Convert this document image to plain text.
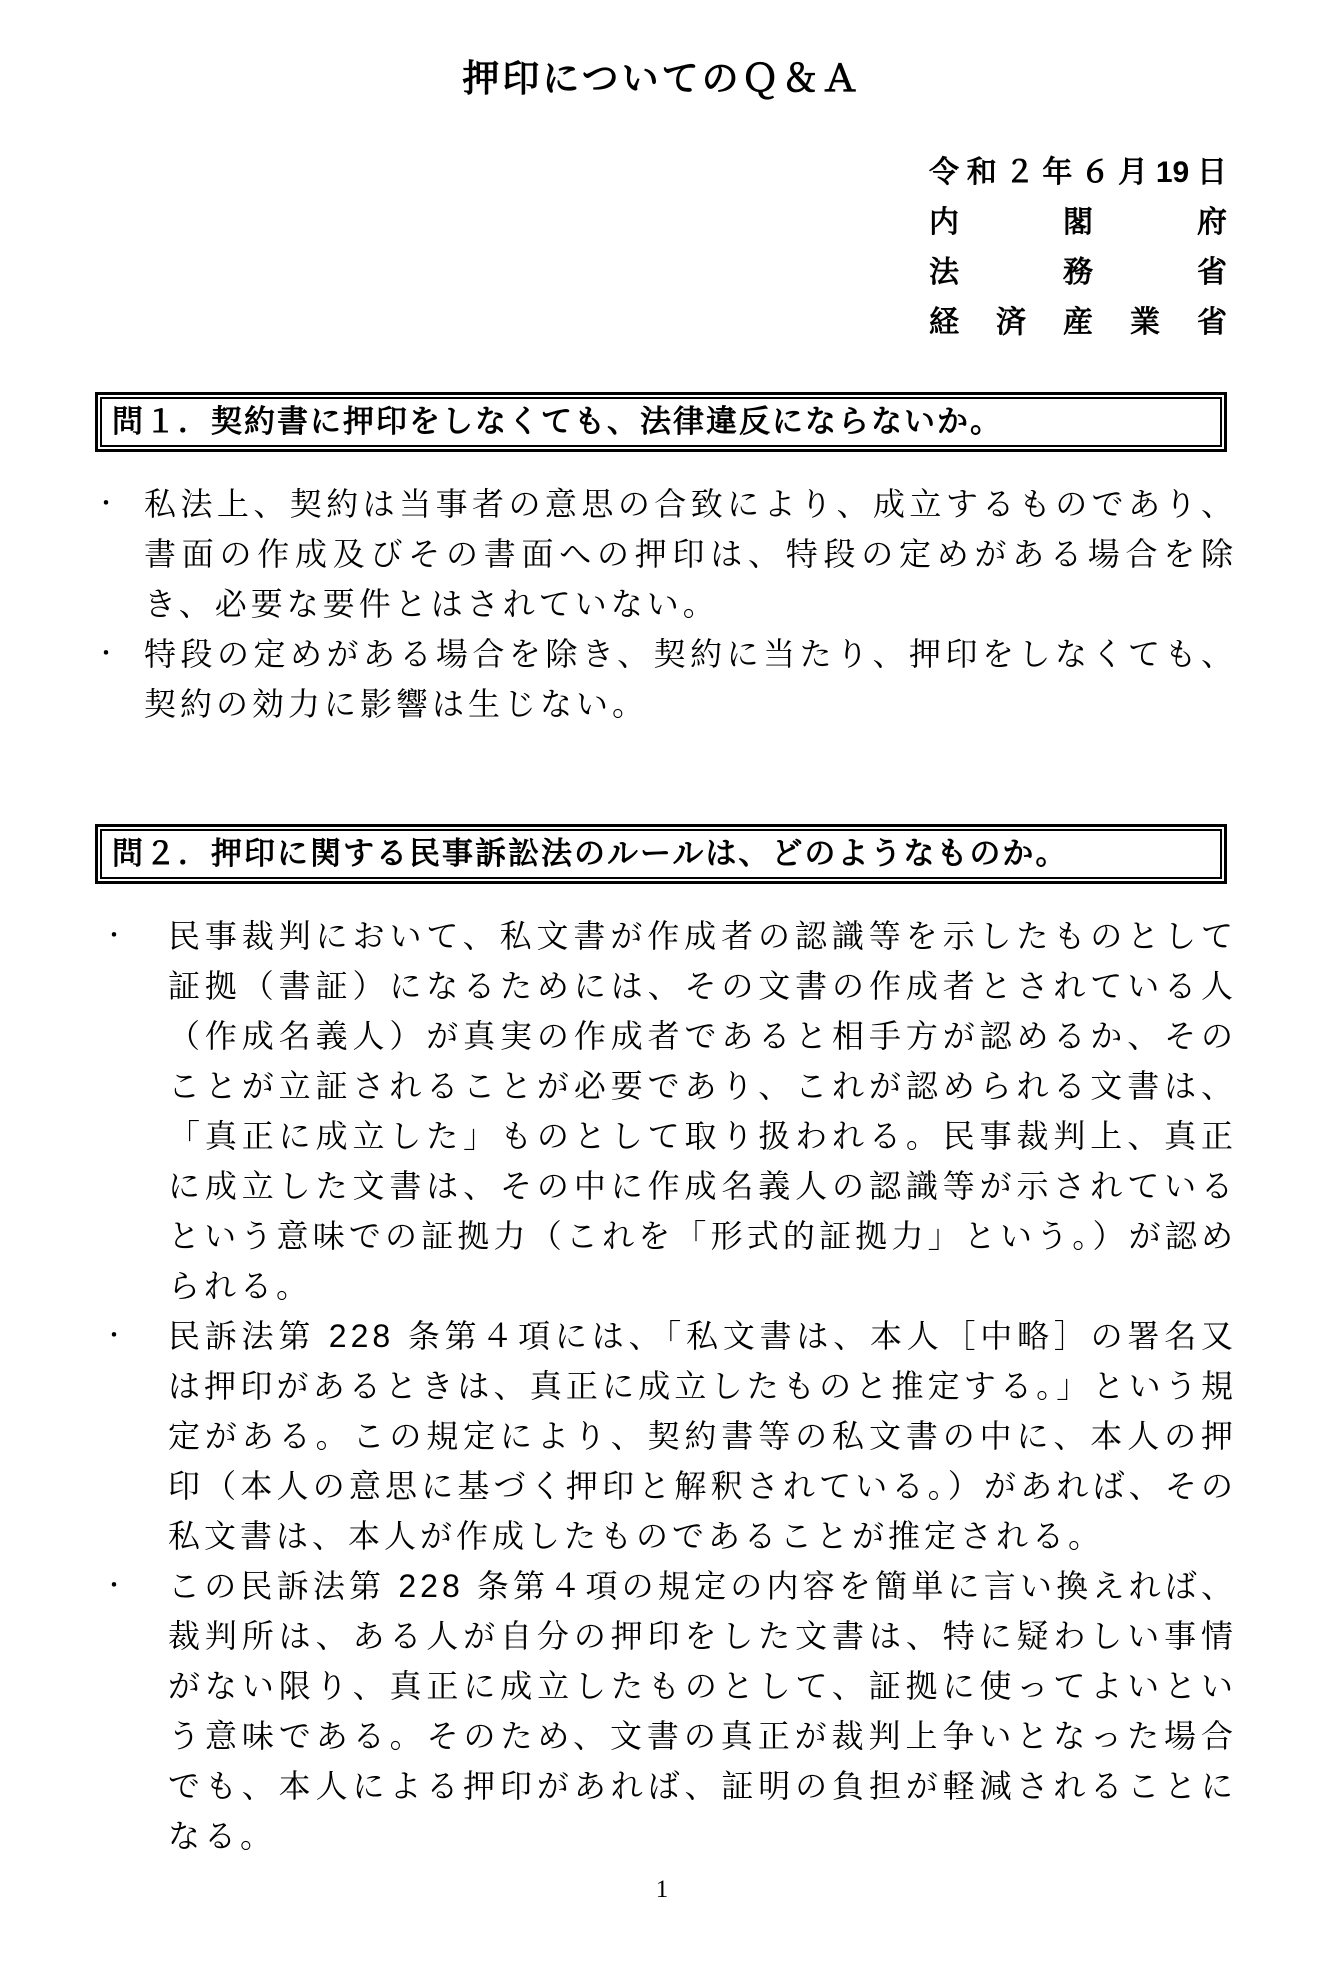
押印についてのＱ＆Ａ
令和２年６月19日
内閣府
法務省
経済産業省
問１．契約書に押印をしなくても、法律違反にならないか。
・ 私法上、契約は当事者の意思の合致により、成立するものであり、書面の作成及びその書面への押印は、特段の定めがある場合を除き、必要な要件とはされていない。
・ 特段の定めがある場合を除き、契約に当たり、押印をしなくても、契約の効力に影響は生じない。
問２．押印に関する民事訴訟法のルールは、どのようなものか。
・	民事裁判において、私文書が作成者の認識等を示したものとして証拠（書証）になるためには、その文書の作成者とされている人（作成名義人）が真実の作成者であると相手方が認めるか、そのことが立証されることが必要であり、これが認められる文書は、「真正に成立した」ものとして取り扱われる。民事裁判上、真正に成立した文書は、その中に作成名義人の認識等が示されているという意味での証拠力（これを「形式的証拠力」という。）が認められる。
・	民訴法第 228 条第４項には、「私文書は、本人［中略］の署名又は押印があるときは、真正に成立したものと推定する。」という規定がある。この規定により、契約書等の私文書の中に、本人の押印（本人の意思に基づく押印と解釈されている。）があれば、その私文書は、本人が作成したものであることが推定される。
・	この民訴法第 228 条第４項の規定の内容を簡単に言い換えれば、裁判所は、ある人が自分の押印をした文書は、特に疑わしい事情がない限り、真正に成立したものとして、証拠に使ってよいという意味である。そのため、文書の真正が裁判上争いとなった場合でも、本人による押印があれば、証明の負担が軽減されることになる。
1
